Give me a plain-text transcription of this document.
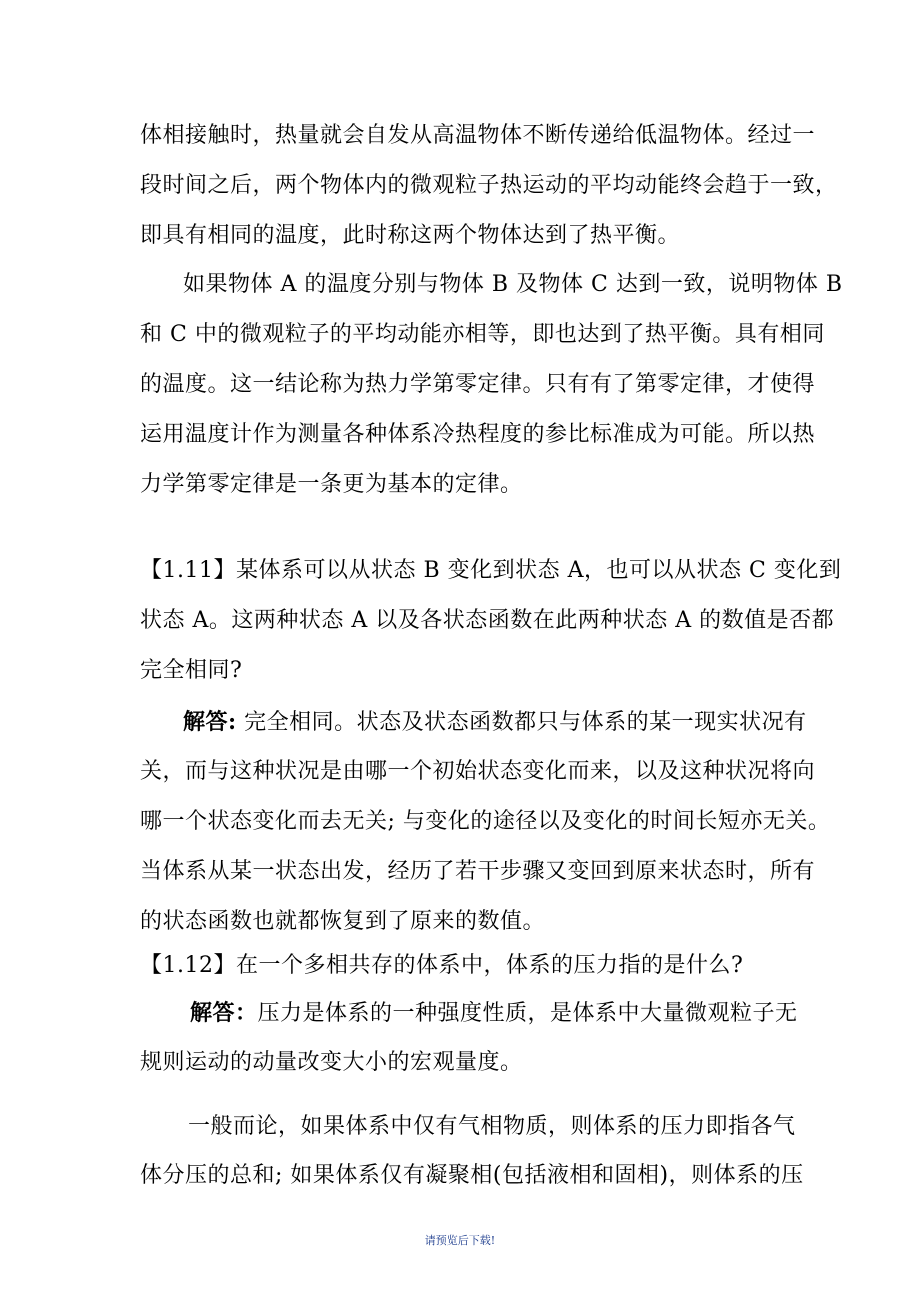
体相接触时，热量就会自发从高温物体不断传递给低温物体。经过一
段时间之后，两个物体内的微观粒子热运动的平均动能终会趋于一致，
即具有相同的温度，此时称这两个物体达到了热平衡。
如果物体 A 的温度分别与物体 B 及物体 C 达到一致，说明物体 B
和 C 中的微观粒子的平均动能亦相等，即也达到了热平衡。具有相同
的温度。这一结论称为热力学第零定律。只有有了第零定律，才使得
运用温度计作为测量各种体系冷热程度的参比标准成为可能。所以热
力学第零定律是一条更为基本的定律。
【1.11】某体系可以从状态 B 变化到状态 A，也可以从状态 C 变化到
状态 A。这两种状态 A 以及各状态函数在此两种状态 A 的数值是否都
完全相同?
解答: 完全相同。状态及状态函数都只与体系的某一现实状况有
关，而与这种状况是由哪一个初始状态变化而来，以及这种状况将向
哪一个状态变化而去无关; 与变化的途径以及变化的时间长短亦无关。
当体系从某一状态出发，经历了若干步骤又变回到原来状态时，所有
的状态函数也就都恢复到了原来的数值。
【1.12】在一个多相共存的体系中，体系的压力指的是什么?
解答：压力是体系的一种强度性质，是体系中大量微观粒子无
规则运动的动量改变大小的宏观量度。
一般而论，如果体系中仅有气相物质，则体系的压力即指各气
体分压的总和; 如果体系仅有凝聚相(包括液相和固相)，则体系的压
请预览后下载!
